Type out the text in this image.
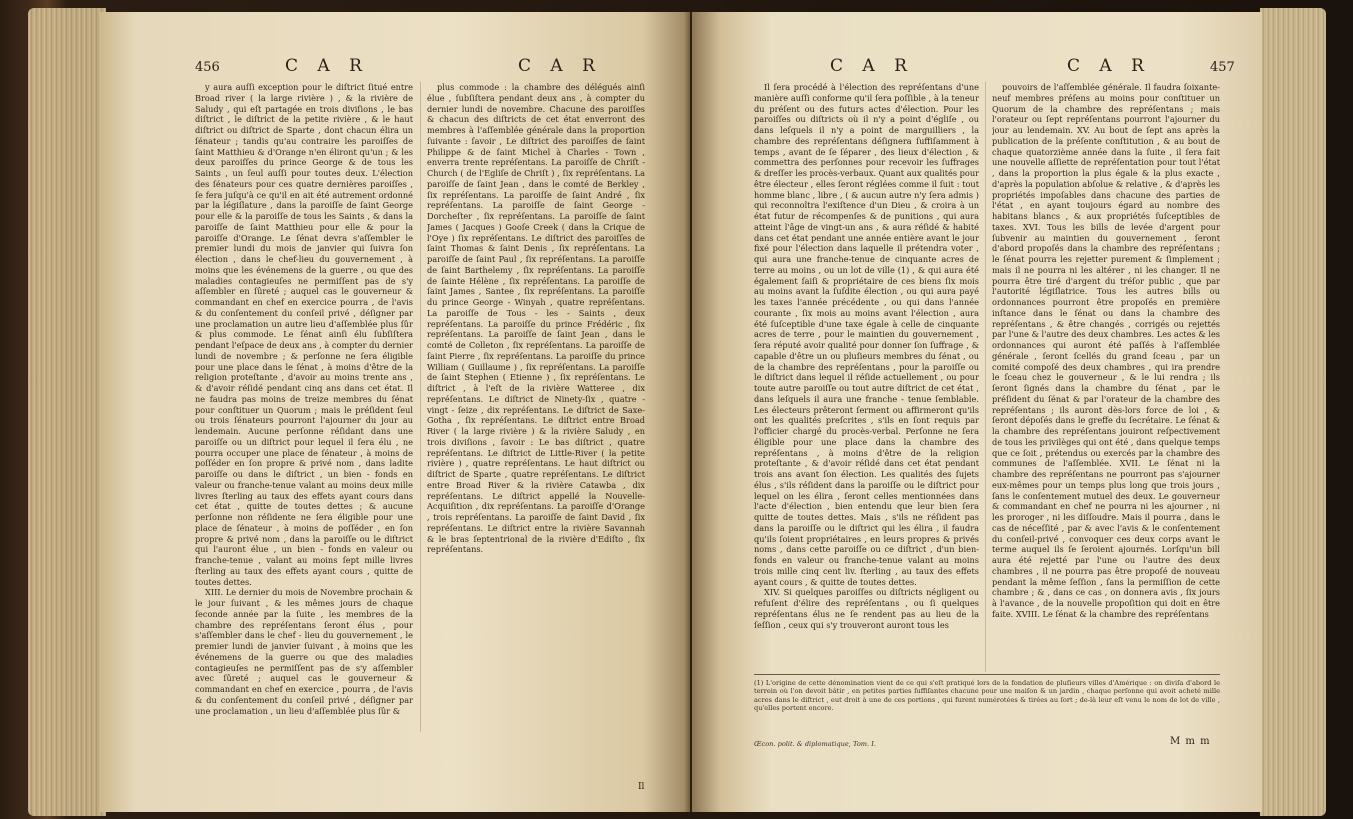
456	C A R	C A R

y aura auſſi exception pour le diſtrict ſitué entre Broad river ( la large rivière ) , & la rivière de Saludy , qui eſt partagée en trois diviſions , le bas diſtrict , le diſtrict de la petite rivière , & le haut diſtrict ou diſtrict de Sparte , dont chacun élira un ſénateur ; tandis qu'au contraire les paroiſſes de ſaint Matthieu & d'Orange n'en éliront qu'un ; & les deux paroiſſes du prince George & de tous les Saints , un ſeul auſſi pour toutes deux. L'élection des ſénateurs pour ces quatre dernières paroiſſes , ſe fera juſqu'à ce qu'il en ait été autrement ordonné par la légiſlature , dans la paroiſſe de ſaint George pour elle & la paroiſſe de tous les Saints , & dans la paroiſſe de ſaint Matthieu pour elle & pour la paroiſſe d'Orange. Le ſénat devra s'aſſembler le premier lundi du mois de janvier qui ſuivra ſon élection , dans le chef-lieu du gouvernement , à moins que les événemens de la guerre , ou que des maladies contagieuſes ne permiſſent pas de s'y aſſembler en ſûreté ; auquel cas le gouverneur & commandant en chef en exercice pourra , de l'avis & du conſentement du conſeil privé , déſigner par une proclamation un autre lieu d'aſſemblée plus ſûr & plus commode. Le ſénat ainſi élu ſubſiſtera pendant l'eſpace de deux ans , à compter du dernier lundi de novembre ; & perſonne ne ſera éligible pour une place dans le ſénat , à moins d'être de la religion proteſtante , d'avoir au moins trente ans , & d'avoir réſidé pendant cinq ans dans cet état. Il ne faudra pas moins de treize membres du ſénat pour conſtituer un Quorum ; mais le préſident ſeul ou trois ſénateurs pourront l'ajourner du jour au lendemain. Aucune perſonne réſidant dans une paroiſſe ou un diſtrict pour lequel il ſera élu , ne pourra occuper une place de ſénateur , à moins de poſſéder en ſon propre & privé nom , dans ladite paroiſſe ou dans le diſtrict , un bien - fonds en valeur ou franche-tenue valant au moins deux mille livres ſterling au taux des effets ayant cours dans cet état , quitte de toutes dettes ; & aucune perſonne non réſidente ne ſera éligible pour une place de ſénateur , à moins de poſſéder , en ſon propre & privé nom , dans la paroiſſe ou le diſtrict qui l'auront élue , un bien - fonds en valeur ou franche-tenue , valant au moins ſept mille livres ſterling au taux des effets ayant cours , quitte de toutes dettes.

XIII. Le dernier du mois de Novembre prochain & le jour ſuivant , & les mêmes jours de chaque ſeconde année par la ſuite , les membres de la chambre des repréſentans ſeront élus , pour s'aſſembler dans le chef - lieu du gouvernement , le premier lundi de janvier ſuivant , à moins que les événemens de la guerre ou que des maladies contagieuſes ne permiſſent pas de s'y aſſembler avec ſûreté ; auquel cas le gouverneur & commandant en chef en exercice , pourra , de l'avis & du conſentement du conſeil privé , déſigner par une proclamation , un lieu d'aſſemblée plus ſûr &

plus commode : la chambre des délégués ainſi élue , ſubſiſtera pendant deux ans , à compter du dernier lundi de novembre. Chacune des paroiſſes & chacun des diſtricts de cet état enverront des membres à l'aſſemblée générale dans la proportion ſuivante : ſavoir , Le diſtrict des paroiſſes de ſaint Philippe & de ſaint Michel à Charles - Town , enverra trente repréſentans. La paroiſſe de Chriſt - Church ( de l'Egliſe de Chriſt ) , ſix repréſentans. La paroiſſe de ſaint Jean , dans le comté de Berkley , ſix repréſentans. La paroiſſe de ſaint André , ſix repréſentans. La paroiſſe de ſaint George - Dorcheſter , ſix repréſentans. La paroiſſe de ſaint James ( Jacques ) Gooſe Creek ( dans la Crique de l'Oye ) ſix repréſentans. Le diſtrict des paroiſſes de ſaint Thomas & ſaint Denis , ſix repréſentans. La paroiſſe de ſaint Paul , ſix repréſentans. La paroiſſe de ſaint Barthelemy , ſix repréſentans. La paroiſſe de ſainte Hélène , ſix repréſentans. La paroiſſe de ſaint James , Santee , ſix repréſentans. La paroiſſe du prince George - Winyah , quatre repréſentans. La paroiſſe de Tous - les - Saints , deux repréſentans. La paroiſſe du prince Frédéric , ſix repréſentans. La paroiſſe de ſaint Jean , dans le comté de Colleton , ſix repréſentans. La paroiſſe de ſaint Pierre , ſix repréſentans. La paroiſſe du prince William ( Guillaume ) , ſix repréſentans. La paroiſſe de ſaint Stephen ( Etienne ) , ſix repréſentans. Le diſtrict , à l'eſt de la rivière Watteree , dix repréſentans. Le diſtrict de Ninety-ſix , quatre - vingt - ſeize , dix repréſentans. Le diſtrict de Saxe-Gotha , ſix repréſentans. Le diſtrict entre Broad River ( la large rivière ) & la rivière Saludy , en trois diviſions , ſavoir : Le bas diſtrict , quatre repréſentans. Le diſtrict de Little-River ( la petite rivière ) , quatre repréſentans. Le haut diſtrict ou diſtrict de Sparte , quatre repréſentans. Le diſtrict entre Broad River & la rivière Catawba , dix repréſentans. Le diſtrict appellé la Nouvelle-Acquiſition , dix repréſentans. La paroiſſe d'Orange , trois repréſentans. La paroiſſe de ſaint David , ſix repréſentans. Le diſtrict entre la rivière Savannah & le bras ſeptentrional de la rivière d'Ediſto , ſix repréſentans.

Il
C A R	C A R	457

Il ſera procédé à l'élection des repréſentans d'une manière auſſi conforme qu'il ſera poſſible , à la teneur du préſent ou des futurs actes d'élection. Pour les paroiſſes ou diſtricts où il n'y a point d'égliſe , ou dans leſquels il n'y a point de marguilliers , la chambre des repréſentans déſignera ſuffiſamment à temps , avant de ſe ſéparer , des lieux d'élection , & commettra des perſonnes pour recevoir les ſuffrages & dreſſer les procès-verbaux. Quant aux qualités pour être électeur , elles ſeront réglées comme il ſuit : tout homme blanc , libre , ( & aucun autre n'y ſera admis ) qui reconnoîtra l'exiſtence d'un Dieu , & croira à un état futur de récompenſes & de punitions , qui aura atteint l'âge de vingt-un ans , & aura réſidé & habité dans cet état pendant une année entière avant le jour fixé pour l'élection dans laquelle il prétendra voter , qui aura une franche-tenue de cinquante acres de terre au moins , ou un lot de ville (1) , & qui aura été également ſaiſi & propriétaire de ces biens ſix mois au moins avant la ſuſdite élection , ou qui aura payé les taxes l'année précédente , ou qui dans l'année courante , ſix mois au moins avant l'élection , aura été ſuſceptible d'une taxe égale à celle de cinquante acres de terre , pour le maintien du gouvernement , ſera réputé avoir qualité pour donner ſon ſuffrage , & capable d'être un ou pluſieurs membres du ſénat , ou de la chambre des repréſentans , pour la paroiſſe ou le diſtrict dans lequel il réſide actuellement , ou pour toute autre paroiſſe ou tout autre diſtrict de cet état , dans leſquels il aura une franche - tenue ſemblable. Les électeurs prêteront ſerment ou affirmeront qu'ils ont les qualités preſcrites , s'ils en ſont requis par l'officier chargé du procès-verbal. Perſonne ne ſera éligible pour une place dans la chambre des repréſentans , à moins d'être de la religion proteſtante , & d'avoir réſidé dans cet état pendant trois ans avant ſon élection. Les qualités des ſujets élus , s'ils réſident dans la paroiſſe ou le diſtrict pour lequel on les élira , ſeront celles mentionnées dans l'acte d'élection , bien entendu que leur bien ſera quitte de toutes dettes. Mais , s'ils ne réſident pas dans la paroiſſe ou le diſtrict qui les élira , il faudra qu'ils ſoient propriétaires , en leurs propres & privés noms , dans cette paroiſſe ou ce diſtrict , d'un bien-fonds en valeur ou franche-tenue valant au moins trois mille cinq cent liv. ſterling , au taux des effets ayant cours , & quitte de toutes dettes.

XIV. Si quelques paroiſſes ou diſtricts négligent ou refuſent d'élire des repréſentans , ou ſi quelques repréſentans élus ne ſe rendent pas au lieu de la ſeſſion , ceux qui s'y trouveront auront tous les

pouvoirs de l'aſſemblée générale. Il faudra ſoixante-neuf membres préſens au moins pour conſtituer un Quorum de la chambre des repréſentans ; mais l'orateur ou ſept repréſentans pourront l'ajourner du jour au lendemain. XV. Au bout de ſept ans après la publication de la préſente conſtitution , & au bout de chaque quatorzième année dans la ſuite , il ſera fait une nouvelle aſſiette de repréſentation pour tout l'état , dans la proportion la plus égale & la plus exacte , d'après la population abſolue & relative , & d'après les propriétés impoſables dans chacune des parties de l'état , en ayant toujours égard au nombre des habitans blancs , & aux propriétés ſuſceptibles de taxes. XVI. Tous les bills de levée d'argent pour ſubvenir au maintien du gouvernement , ſeront d'abord propoſés dans la chambre des repréſentans ; le ſénat pourra les rejetter purement & ſimplement ; mais il ne pourra ni les altérer , ni les changer. Il ne pourra être tiré d'argent du tréſor public , que par l'autorité légiſlatrice. Tous les autres bills ou ordonnances pourront être propoſés en première inſtance dans le ſénat ou dans la chambre des repréſentans , & être changés , corrigés ou rejettés par l'une & l'autre des deux chambres. Les actes & les ordonnances qui auront été paſſés à l'aſſemblée générale , ſeront ſcellés du grand ſceau , par un comité compoſé des deux chambres , qui ira prendre le ſceau chez le gouverneur , & le lui rendra ; ils ſeront ſignés dans la chambre du ſénat , par le préſident du ſénat & par l'orateur de la chambre des repréſentans ; ils auront dès-lors force de loi , & ſeront dépoſés dans le greffe du ſecrétaire. Le ſénat & la chambre des repréſentans jouiront reſpectivement de tous les privilèges qui ont été , dans quelque temps que ce ſoit , prétendus ou exercés par la chambre des communes de l'aſſemblée. XVII. Le ſénat ni la chambre des repréſentans ne pourront pas s'ajourner eux-mêmes pour un temps plus long que trois jours , ſans le conſentement mutuel des deux. Le gouverneur & commandant en chef ne pourra ni les ajourner , ni les proroger , ni les diſſoudre. Mais il pourra , dans le cas de néceſſité , par & avec l'avis & le conſentement du conſeil-privé , convoquer ces deux corps avant le terme auquel ils ſe ſeroient ajournés. Lorſqu'un bill aura été rejetté par l'une ou l'autre des deux chambres , il ne pourra pas être propoſé de nouveau pendant la même ſeſſion , ſans la permiſſion de cette chambre ; & , dans ce cas , on donnera avis , ſix jours à l'avance , de la nouvelle propoſition qui doit en être faite. XVIII. Le ſénat & la chambre des repréſentans

(1) L'origine de cette dénomination vient de ce qui s'eſt pratiqué lors de la fondation de pluſieurs villes d'Amérique : on diviſa d'abord le terrein où l'on devoit bâtir , en petites parties ſuffiſantes chacune pour une maiſon & un jardin , chaque perſonne qui avoit acheté mille acres dans le diſtrict , eut droit à une de ces portions , qui furent numérotées & tirées au ſort ; de-là leur eſt venu le nom de lot de ville , qu'elles portent encore.
Œcon. polit. & diplomatique, Tom. I.	M m m
